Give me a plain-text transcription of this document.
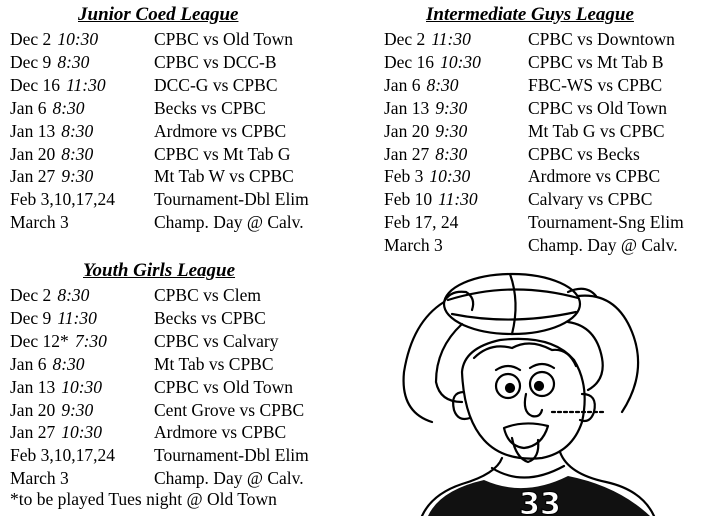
Junior Coed League
Dec 2 10:30	CPBC vs Old Town
Dec 9 8:30	CPBC vs DCC-B
Dec 16 11:30	DCC-G vs CPBC
Jan 6 8:30	Becks vs CPBC
Jan 13 8:30	Ardmore vs CPBC
Jan 20 8:30	CPBC vs Mt Tab G
Jan 27 9:30	Mt Tab W vs CPBC
Feb 3,10,17,24 Tournament-Dbl Elim
March 3	Champ. Day @ Calv.
Intermediate Guys League
Dec 2 11:30	CPBC vs Downtown
Dec 16 10:30	CPBC vs Mt Tab B
Jan 6 8:30	FBC-WS vs CPBC
Jan 13 9:30	CPBC vs Old Town
Jan 20 9:30	Mt Tab G vs CPBC
Jan 27 8:30	CPBC vs Becks
Feb 3 10:30	Ardmore vs CPBC
Feb 10 11:30	Calvary vs CPBC
Feb 17, 24	Tournament-Sng Elim
March 3	Champ. Day @ Calv.
Youth Girls League
Dec 2 8:30	CPBC vs Clem
Dec 9 11:30	Becks vs CPBC
Dec 12* 7:30	CPBC vs Calvary
Jan 6 8:30	Mt Tab vs CPBC
Jan 13 10:30	CPBC vs Old Town
Jan 20 9:30	Cent Grove vs CPBC
Jan 27 10:30	Ardmore vs CPBC
Feb 3,10,17,24 Tournament-Dbl Elim
March 3	Champ. Day @ Calv.
*to be played Tues night @ Old Town	33
